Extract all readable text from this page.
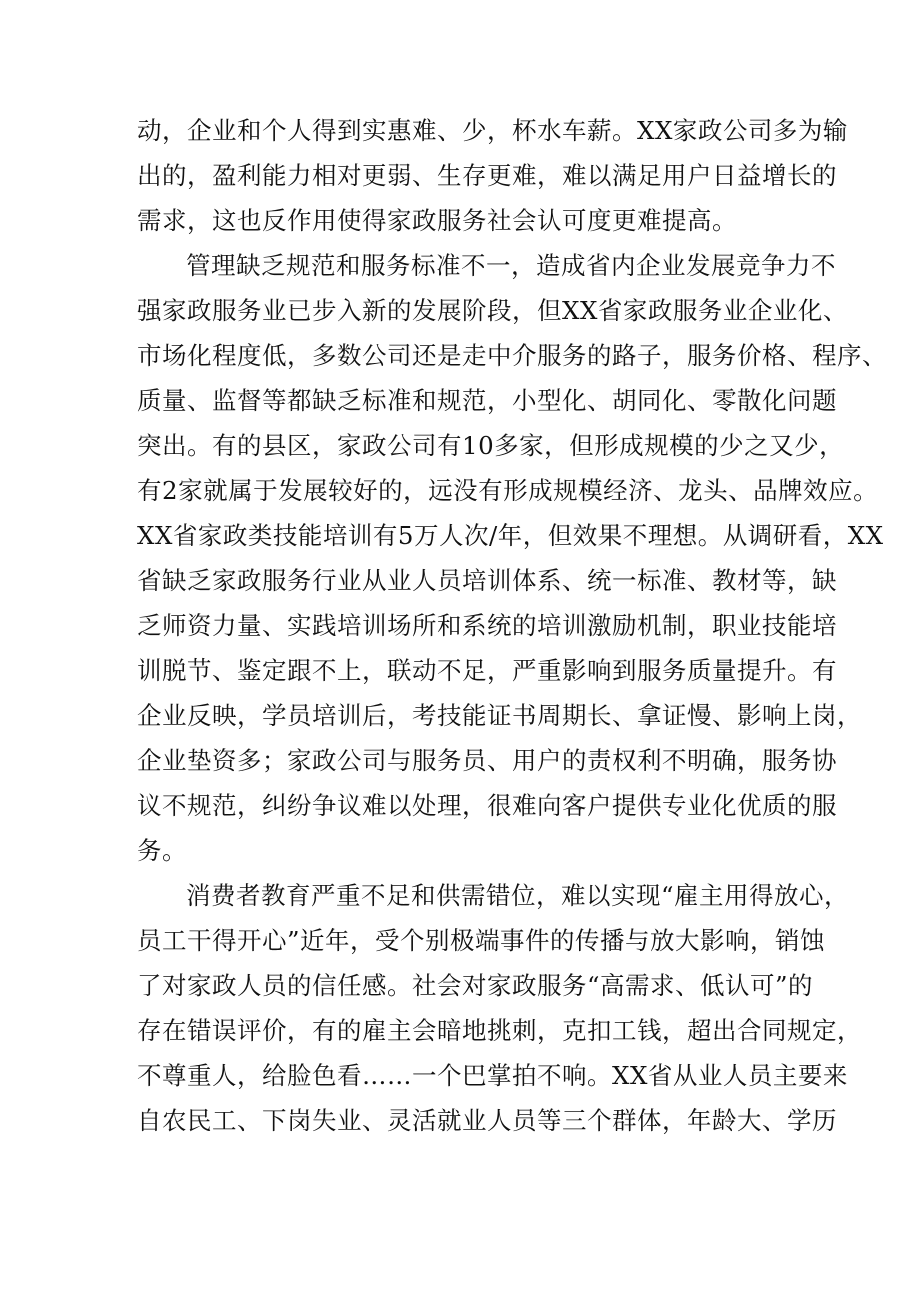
动，企业和个人得到实惠难、少，杯水车薪。XX家政公司多为输
出的，盈利能力相对更弱、生存更难，难以满足用户日益增长的
需求，这也反作用使得家政服务社会认可度更难提高。
管理缺乏规范和服务标准不一，造成省内企业发展竞争力不
强家政服务业已步入新的发展阶段，但XX省家政服务业企业化、
市场化程度低，多数公司还是走中介服务的路子，服务价格、程序、
质量、监督等都缺乏标准和规范，小型化、胡同化、零散化问题
突出。有的县区，家政公司有10多家，但形成规模的少之又少，
有2家就属于发展较好的，远没有形成规模经济、龙头、品牌效应。
XX省家政类技能培训有5万人次/年，但效果不理想。从调研看，XX
省缺乏家政服务行业从业人员培训体系、统一标准、教材等，缺
乏师资力量、实践培训场所和系统的培训激励机制，职业技能培
训脱节、鉴定跟不上，联动不足，严重影响到服务质量提升。有
企业反映，学员培训后，考技能证书周期长、拿证慢、影响上岗，
企业垫资多；家政公司与服务员、用户的责权利不明确，服务协
议不规范，纠纷争议难以处理，很难向客户提供专业化优质的服
务。
消费者教育严重不足和供需错位，难以实现“雇主用得放心，
员工干得开心”近年，受个别极端事件的传播与放大影响，销蚀
了对家政人员的信任感。社会对家政服务“高需求、低认可”的
存在错误评价，有的雇主会暗地挑刺，克扣工钱，超出合同规定，
不尊重人，给脸色看……一个巴掌拍不响。XX省从业人员主要来
自农民工、下岗失业、灵活就业人员等三个群体，年龄大、学历
